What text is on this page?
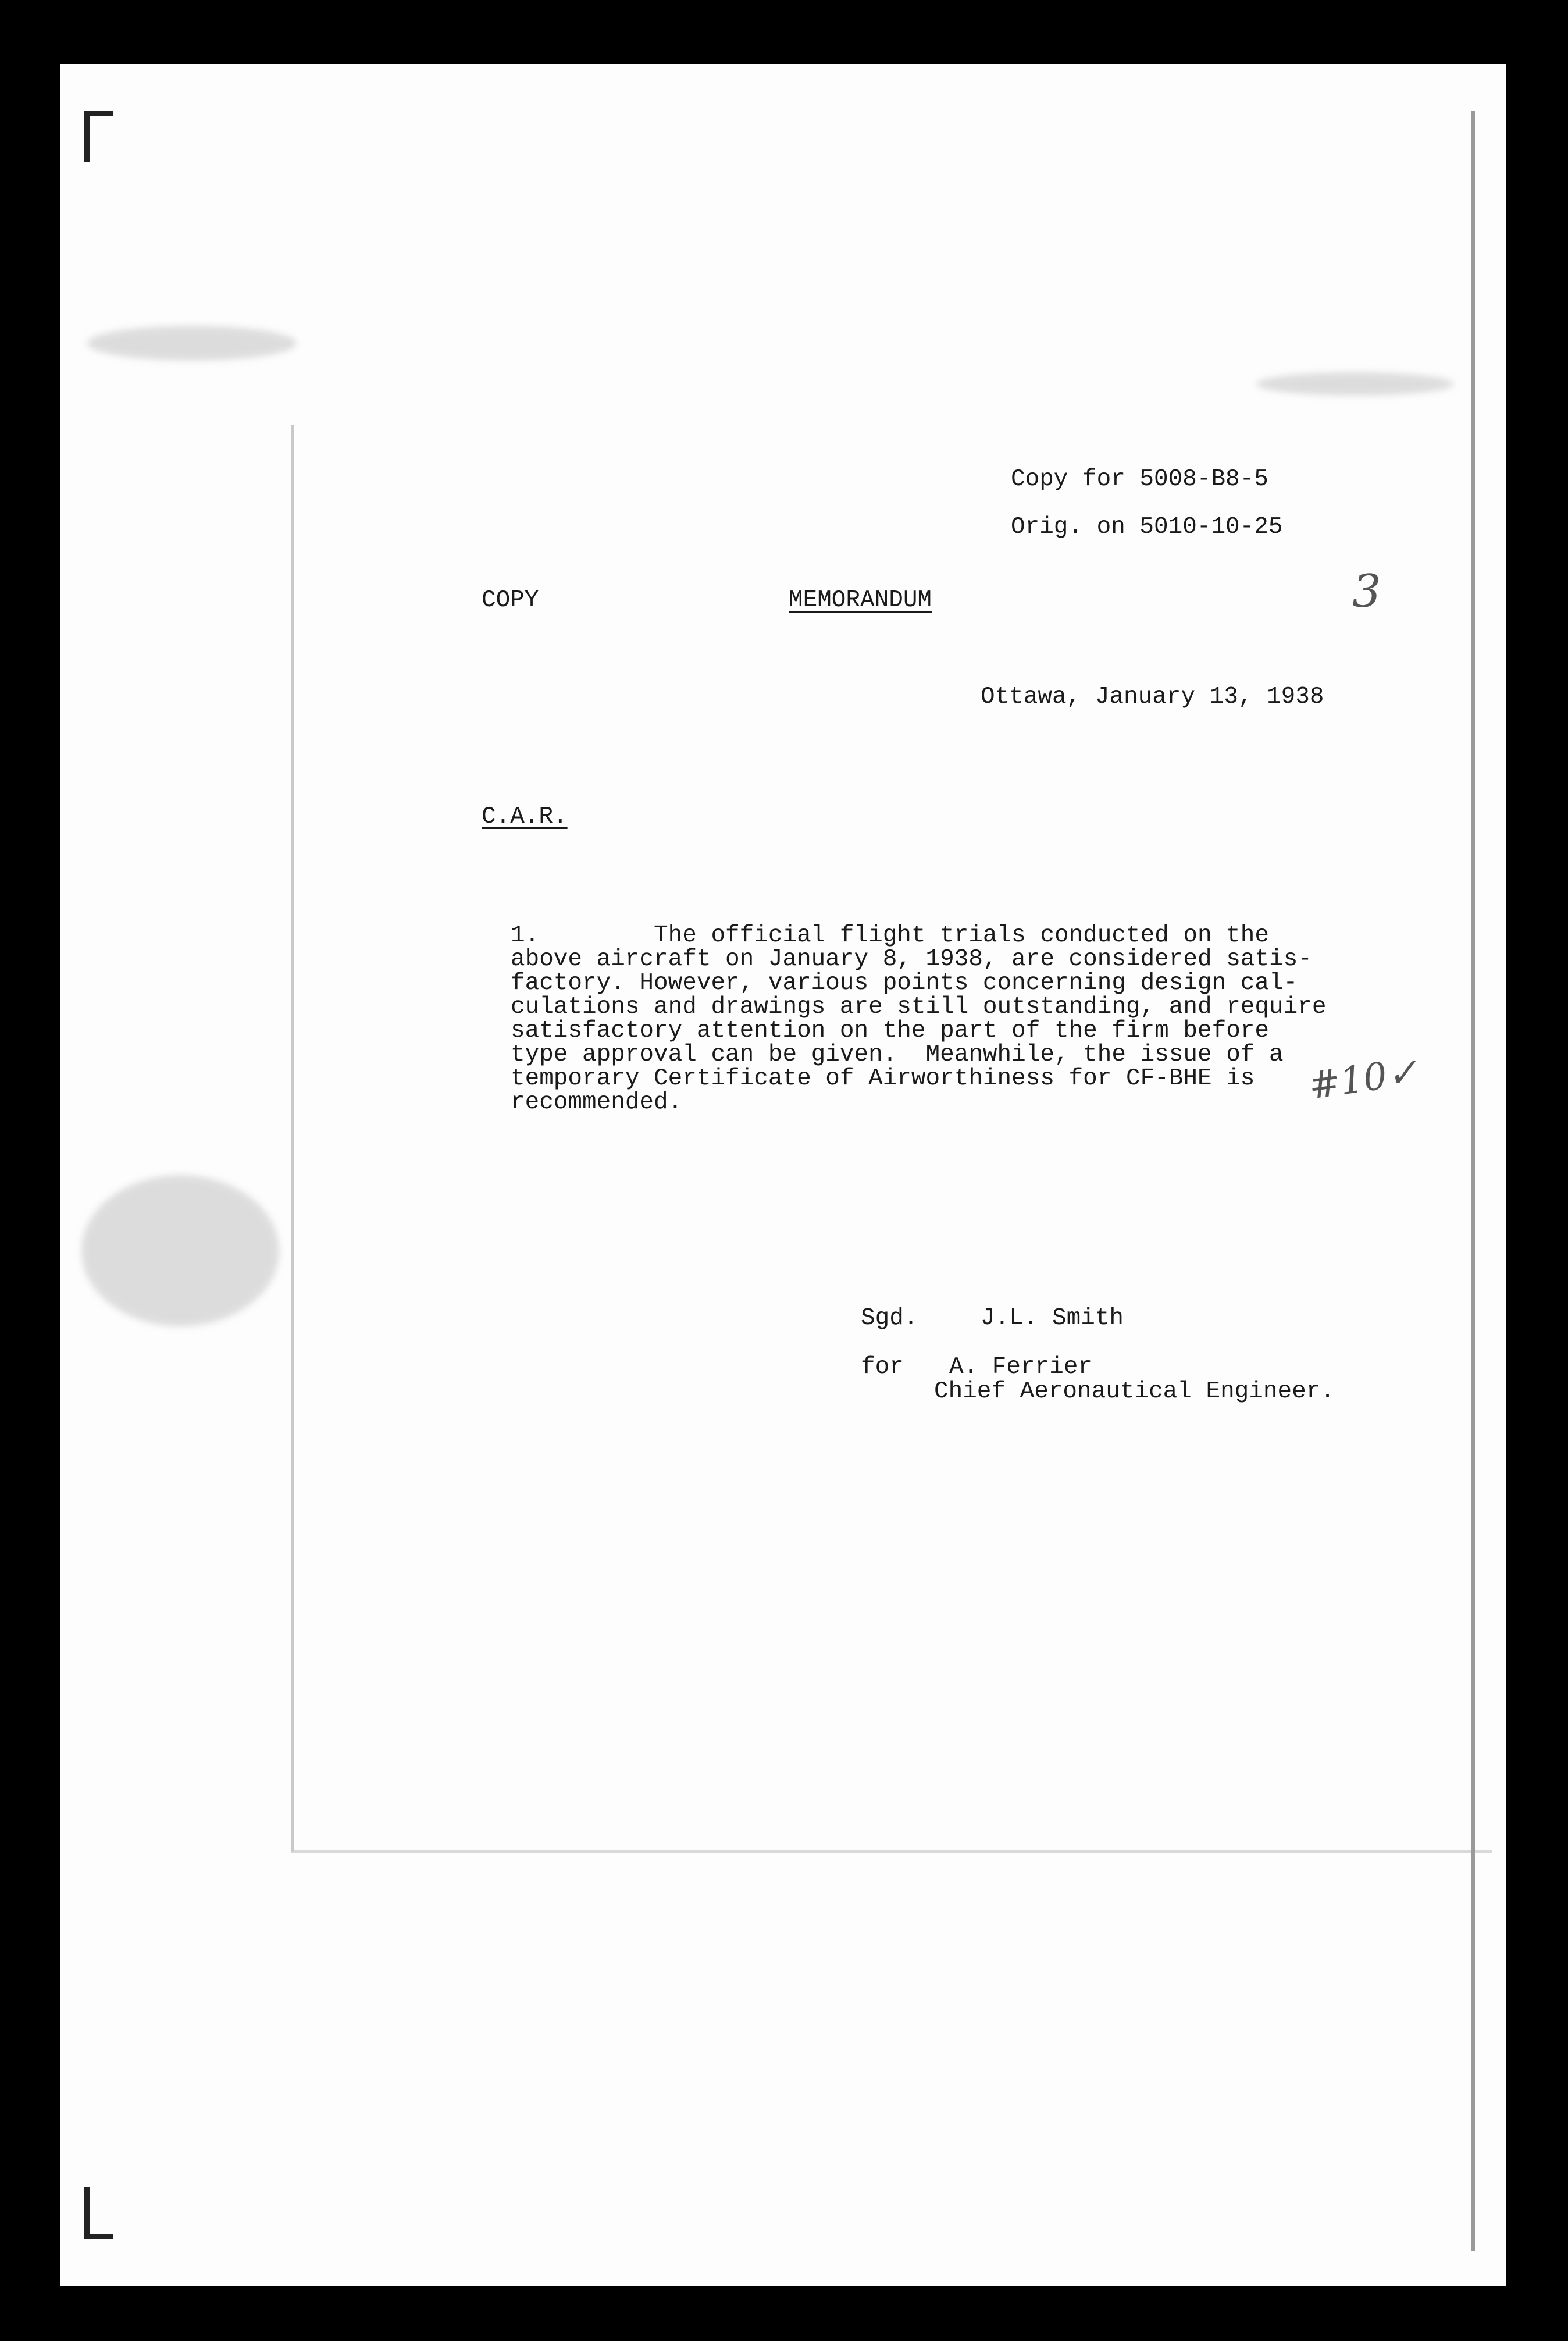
Copy for 5008-B8-5
Orig. on 5010-10-25
3
COPY	MEMORANDUM
Ottawa, January 13, 1938
C.A.R.
1.        The official flight trials conducted on the
above aircraft on January 8, 1938, are considered satis-
factory. However, various points concerning design cal-
culations and drawings are still outstanding, and require
satisfactory attention on the part of the firm before
type approval can be given.  Meanwhile, the issue of a
temporary Certificate of Airworthiness for CF-BHE is
recommended.	#10✓
Sgd.	J.L. Smith
for A. Ferrier
Chief Aeronautical Engineer.
